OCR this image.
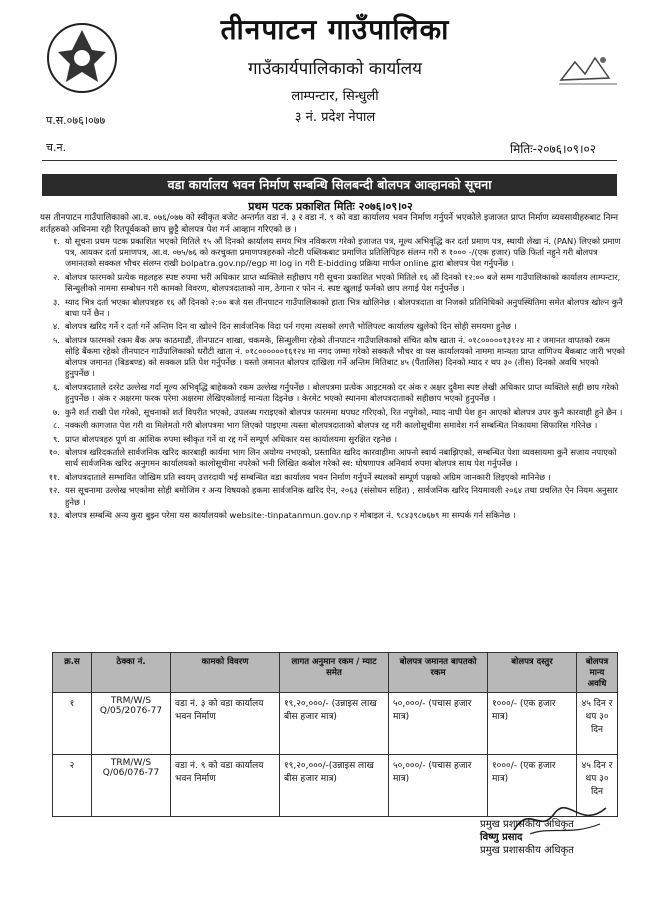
तीनपाटन गाउँपालिका
गाउँकार्यपालिकाको कार्यालय
लाम्पन्टार, सिन्धुली
३ नं. प्रदेश नेपाल
प.स.०७६।०७७
च.न.	मितिः-२०७६।०९।०२
वडा कार्यालय भवन निर्माण सम्बन्धि सिलबन्दी बोलपत्र आव्हानको सूचना
प्रथम पटक प्रकाशित मितिः २०७६।०९।०२
यस तीनपाटन गाउँपालिकाको आ.व. ०७६/०७७ को स्वीकृत बजेट अन्तर्गत वडा नं. ३ र वडा नं. ९ को वडा कार्यालय भवन निर्माण गर्नुपर्ने भएकोले इजाजत प्राप्त निर्माण व्यवसायीहरुबाट निम्न शर्तहरुको अधिनमा रही रितपूर्वकको छाप छुट्टै बोलपत्र पेश गर्न आव्हान गरिएको छ ।
१. यो सूचना प्रथम पटक प्रकाशित भएको मितिले १५ औं दिनको कार्यालय समय भित्र नविकरण गरेको इजाजत पत्र, मूल्य अभिवृद्धि कर दर्ता प्रमाण पत्र, स्थायी लेखा नं. (PAN) लिएको प्रमाण पत्र, आयकर दर्ता प्रमाणपत्र, आ.व. ०७५/७६ को करचुक्ता प्रमाणपत्रहरुको नोटरी पब्लिकबाट प्रमाणित प्रतिलिपिहरु संलग्न गरी रु १००० -/(एक हजार) पछि फिर्ता नहुने गरी बोलपत्र जमानतको सक्कल भौचर संलग्न राखी bolpatra.gov.np//egp मा log in गरी E-bidding प्रक्रिया मार्फत online द्वारा बोलपत्र पेश गर्नुपर्नेछ ।
२. बोलपत्र फारमको प्रत्येक महलहरु स्पष्ट रुपमा भरी अधिकार प्राप्त व्यक्तिले सहीछाप गरी सूचना प्रकाशित भएको मितिले १६ औं दिनको १२:०० बजे सम्म गाउँपालिकाको कार्यालय लाम्पन्टार, सिन्धुलीको नाममा सम्बोधन गरी कामको विवरण, बोलपत्रदाताको नाम, ठेगाना र फोन नं. स्पष्ट खुलाई फर्मको छाप लगाई पेश गर्नुपर्नेछ ।
३. म्याद भित्र दर्ता भएका बोलपत्रहरु १६ औं दिनको २:०० बजे यस तीनपाटन गाउँपालिकाको हाता भित्र खोलिनेछ । बोलपत्रदाता वा निजको प्रतिनिधिको अनुपस्थितिमा समेत बोलपत्र खोल्न कुनै बाधा पर्ने छैन ।
४. बोलपत्र खरिद गर्ने र दर्ता गर्ने अन्तिम दिन वा खोल्ने दिन सार्वजनिक विदा पर्न गएमा त्यसको लगत्तै भोलिपल्ट कार्यालय खुलेको दिन सोही समयमा हुनेछ ।
५. बोलपत्र फारमको रकम बैंक अफ काठमाडौं, तीनपाटन शाखा, चकमके, सिन्धुलीमा रहेको तीनपाटन गाउँपालिकाको संचित कोष खाता नं. ०१८०००००१३१२४ मा र जमानत वापतको रकम सोहि बैंकमा रहेको तीनपाटन गाउँपालिकाको धरौटी खाता नं. ०१८००००००१६१२४ मा नगद जम्मा गरेको सक्कलै भौचर वा यस कार्यालयको नाममा मान्यता प्राप्त वाणिज्य बैंकबाट जारी भएको बोलपत्र जमानत (बिडबण्ड) को सक्कल प्रति पेश गर्नुपर्नेछ । यस्तो जमानत बोलपत्र दाखिला गर्ने अन्तिम मितिबाट ४५ (पैंतालिस) दिनको म्याद र थप ३० (तीस) दिनको अवधि भएको हुनुपर्नेछ ।
६. बोलपत्रदाताले दररेट उल्लेख गर्दा मूल्य अभिवृद्धि बाहेकको रकम उल्लेख गर्नुपर्नेछ । बोलपत्रमा प्रत्येक आइटमको दर अंक र अक्षर दुवैमा स्पष्ट लेखी अधिकार प्राप्त व्यक्तिले सही छाप गरेको हुनुपर्नेछ । अंक र अक्षरमा फरक परेमा अक्षरमा लेखिएकोलाई मान्यता दिइनेछ । केरमेट भएको स्थानमा बोलपत्रदाताको सहीछाप भएको हुनुपर्नेछ ।
७. कुनै शर्त राखी पेश गरेको, सूचनाको शर्त विपरीत भएको, उपलब्ध गराइएको बोलपत्र फारममा थपघट गरिएको, रित नपुगेको, म्याद नाघी पेश हुन आएको बोलपत्र उपर कुनै कारवाही हुने छैन ।
८. नक्कली कागजात पेश गरी वा मिलेमतो गरी बोलपत्रमा भाग लिएको पाइएमा त्यस्ता बोलपत्रदाताको बोलपत्र रद्द गरी कालोसूचीमा समावेश गर्न सम्बन्धित निकायमा सिफारिस गरिनेछ ।
९. प्राप्त बोलपत्रहरु पूर्ण वा आंशिक रुपमा स्वीकृत गर्ने वा रद्द गर्ने सम्पूर्ण अधिकार यस कार्यालयमा सुरक्षित रहनेछ ।
१०. बोलपत्र खरिदकर्ताले सार्वजनिक खरिद कारबाही कार्यमा भाग लिन अयोग्य नभएको, प्रस्तावित खरिद कारवाहीमा आफ्नो स्वार्थ नबाझिएको, सम्बन्धित पेशा व्यवसायमा कुनै सजाय नपाएको सार्थ सार्वजनिक खरिद अनुगमन कार्यालयको कालोसूचीमा नपरेको भनी लिखित कबोल गरेको स्व: घोषणापत्र अनिवार्य रुपमा बोलपत्र साथ पेश गर्नुपर्नेछ ।
११. बोलपत्रदाताले सम्भावित जोखिम प्रति स्वयम् उत्तरदायी भई सम्बन्धित वडा कार्यालय भवन निर्माण गर्नुपर्ने स्थलको सम्पूर्ण पक्षको अग्रिम जानकारी लिइएको मानिनेछ ।
१२. यस सूचनामा उल्लेख भएकोमा सोही बमोजिम र अन्य विषयको हकमा सार्वजनिक खरिद ऐन, २०६३ (संसोधन सहित) , सार्वजनिक खरिद नियमावली २०६४ तथा प्रचलित ऐन नियम अनुसार हुनेछ ।
१३. बोलपत्र सम्बन्धि अन्य कुरा बुझ्न परेमा यस कार्यालयको website:-tinpatanmun.gov.np र मोबाइल नं. ९८४३९८७६७९ मा सम्पर्क गर्न सकिनेछ ।
क्र.स	ठेक्का नं.	कामको विवरण	लागत अनुमान रकम / म्याट समेत	बोलपत्र जमानत बापतको रकम	बोलपत्र दस्तुर	बोलपत्र मान्य अवधि
१	TRM/W/S Q/05/2076-77	वडा नं. ३ को वडा कार्यालय भवन निर्माण	१९,२०,०००/- (उन्नाइस लाख बीस हजार मात्र)	५०,०००/- (पचास हजार मात्र)	१०००/- (एक हजार मात्र)	४५ दिन र थप ३० दिन
२	TRM/W/S Q/06/076-77	वडा नं. ९ को वडा कार्यालय भवन निर्माण	१९,२०,०००/-(उन्नाइस लाख बीस हजार मात्र)	५०,०००/- (पचास हजार मात्र)	१०००/- (एक हजार मात्र)	४५ दिन र थप ३० दिन
प्रमुख प्रशासकीय अधिकृत
विष्णु प्रसाद
प्रमुख प्रशासकीय अधिकृत
